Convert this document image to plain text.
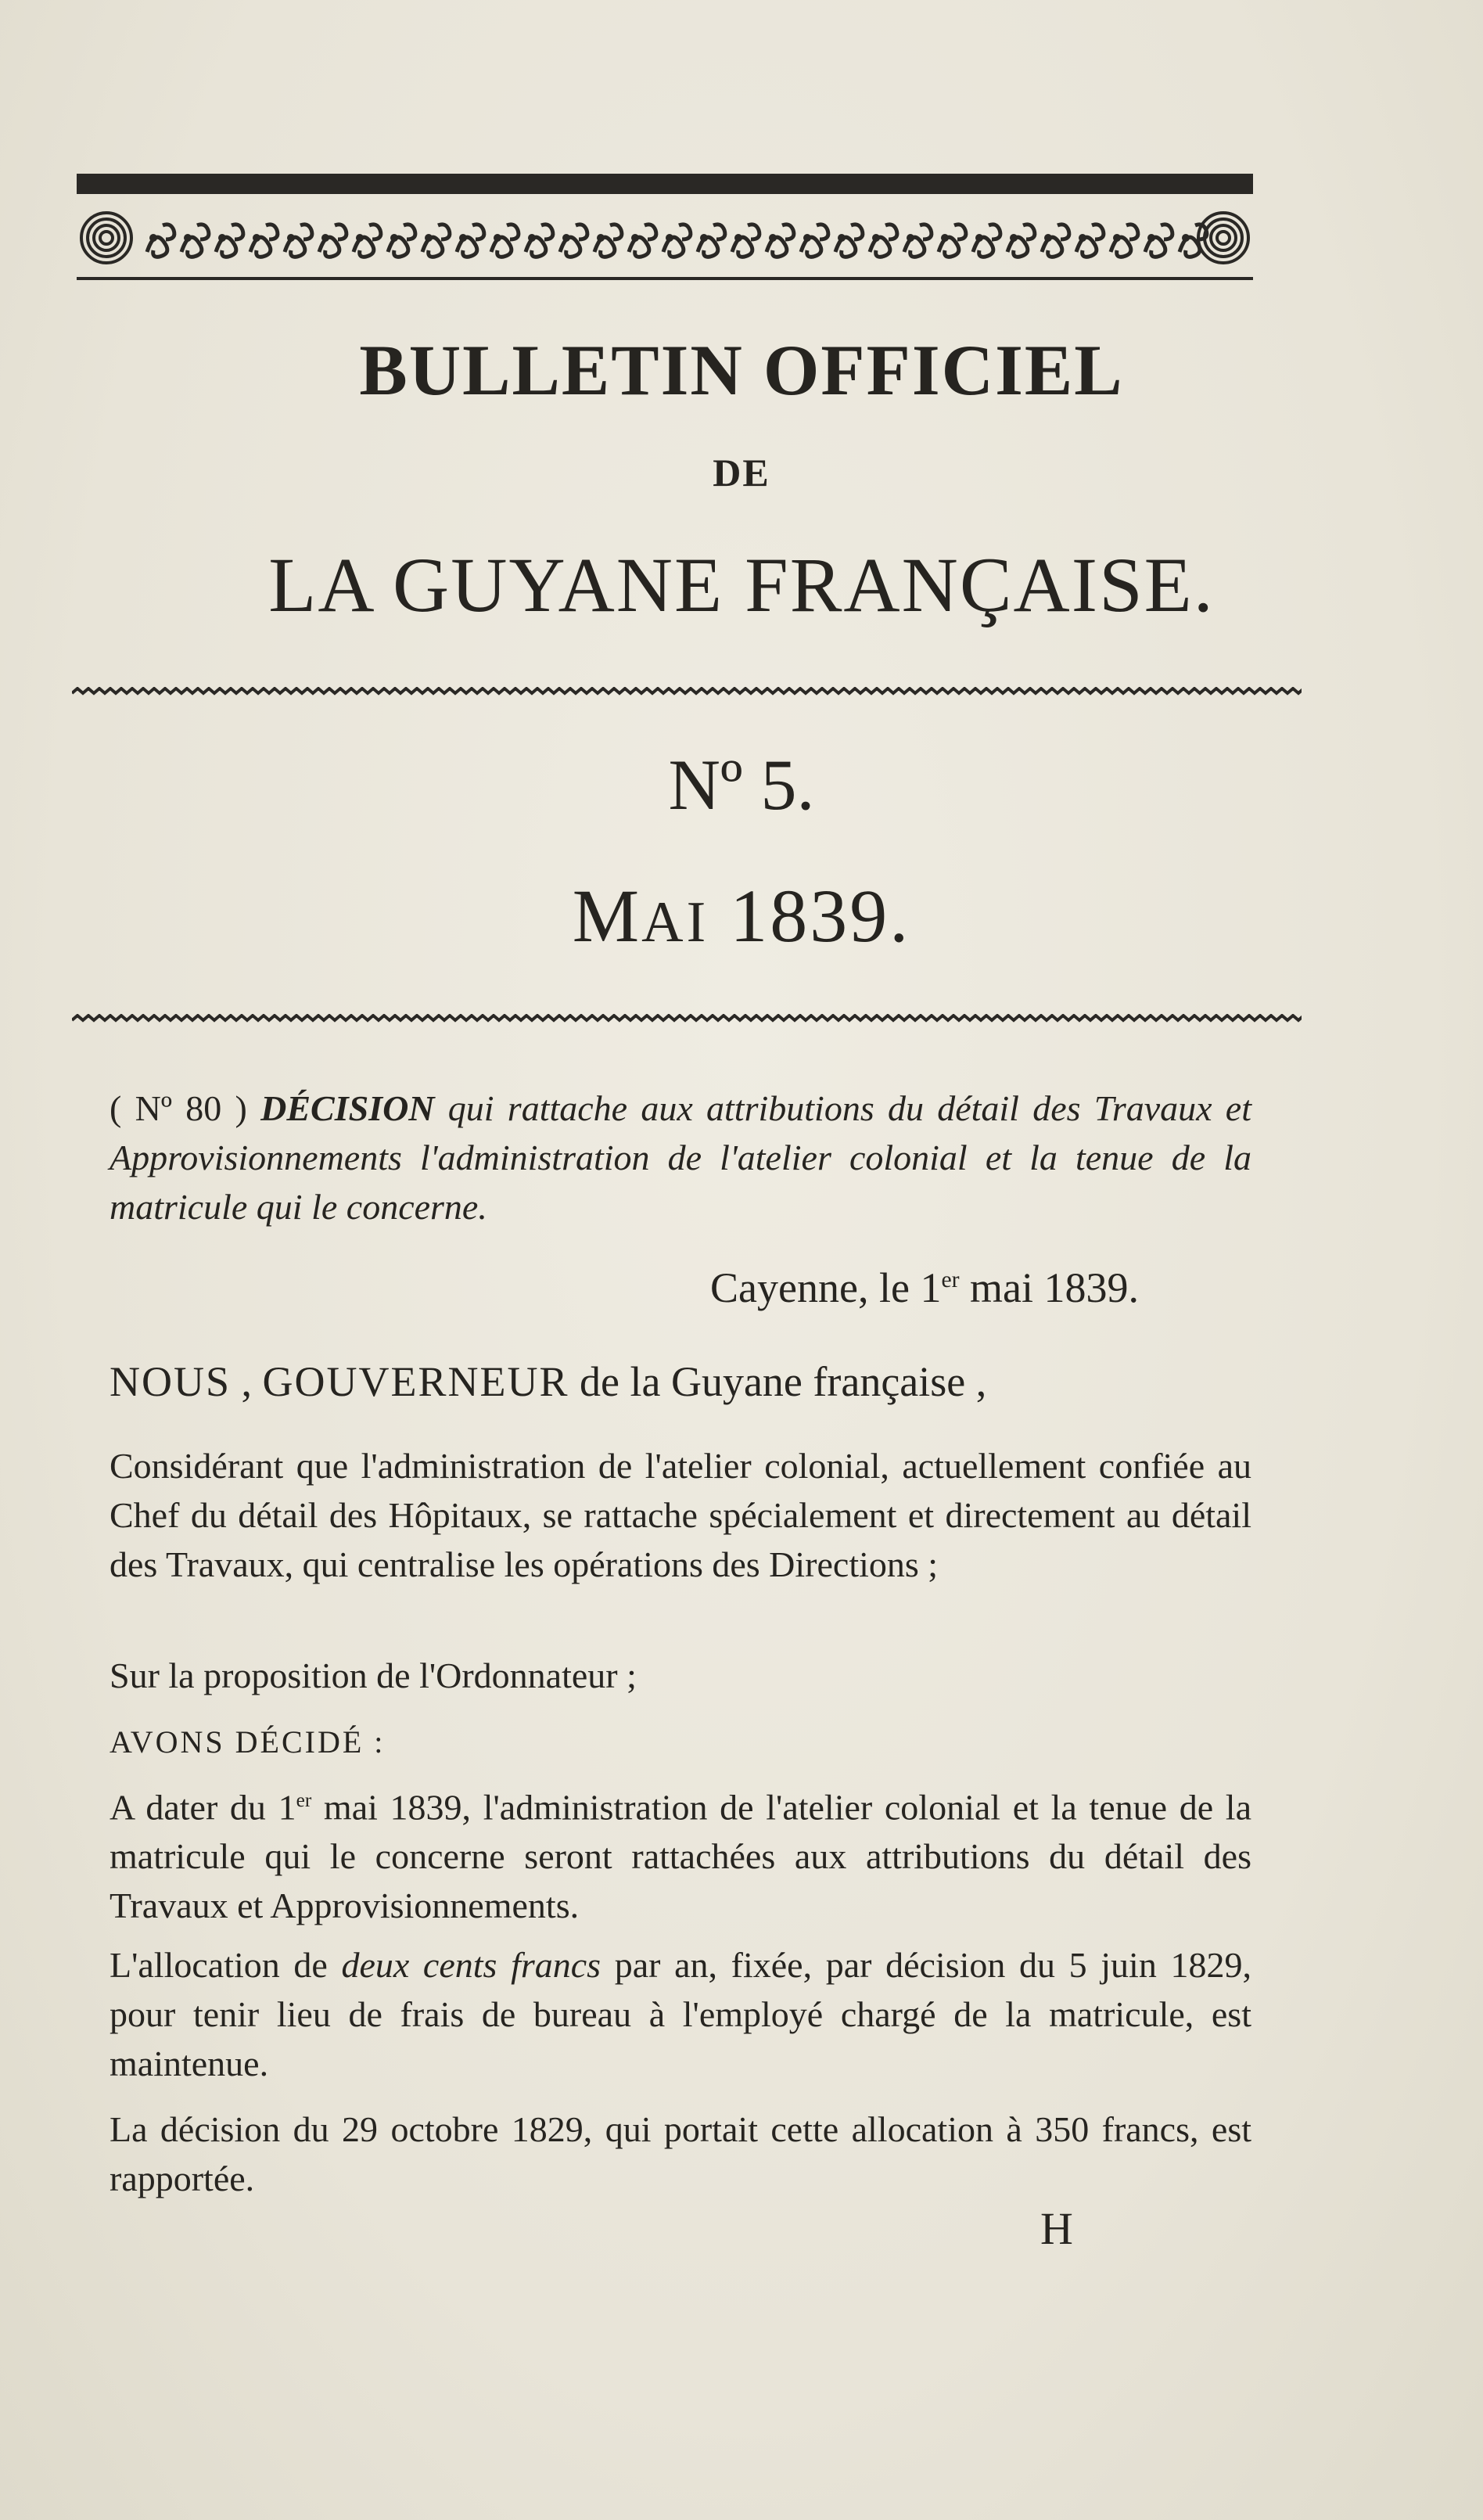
BULLETIN OFFICIEL
DE
LA GUYANE FRANÇAISE.
Nº 5.
MAI 1839.
( Nº 80 ) DÉCISION qui rattache aux attributions du détail des Travaux et Approvisionnements l'administration de l'atelier colonial et la tenue de la matricule qui le concerne.
Cayenne, le 1er mai 1839.
NOUS , GOUVERNEUR de la Guyane française ,
Considérant que l'administration de l'atelier colonial, actuellement confiée au Chef du détail des Hôpitaux, se rattache spécialement et directement au détail des Travaux, qui centralise les opérations des Directions ;
Sur la proposition de l'Ordonnateur ;
AVONS DÉCIDÉ :
A dater du 1er mai 1839, l'administration de l'atelier colonial et la tenue de la matricule qui le concerne seront rattachées aux attributions du détail des Travaux et Approvisionnements.
L'allocation de deux cents francs par an, fixée, par décision du 5 juin 1829, pour tenir lieu de frais de bureau à l'employé chargé de la matricule, est maintenue.
La décision du 29 octobre 1829, qui portait cette allocation à 350 francs, est rapportée.
H
